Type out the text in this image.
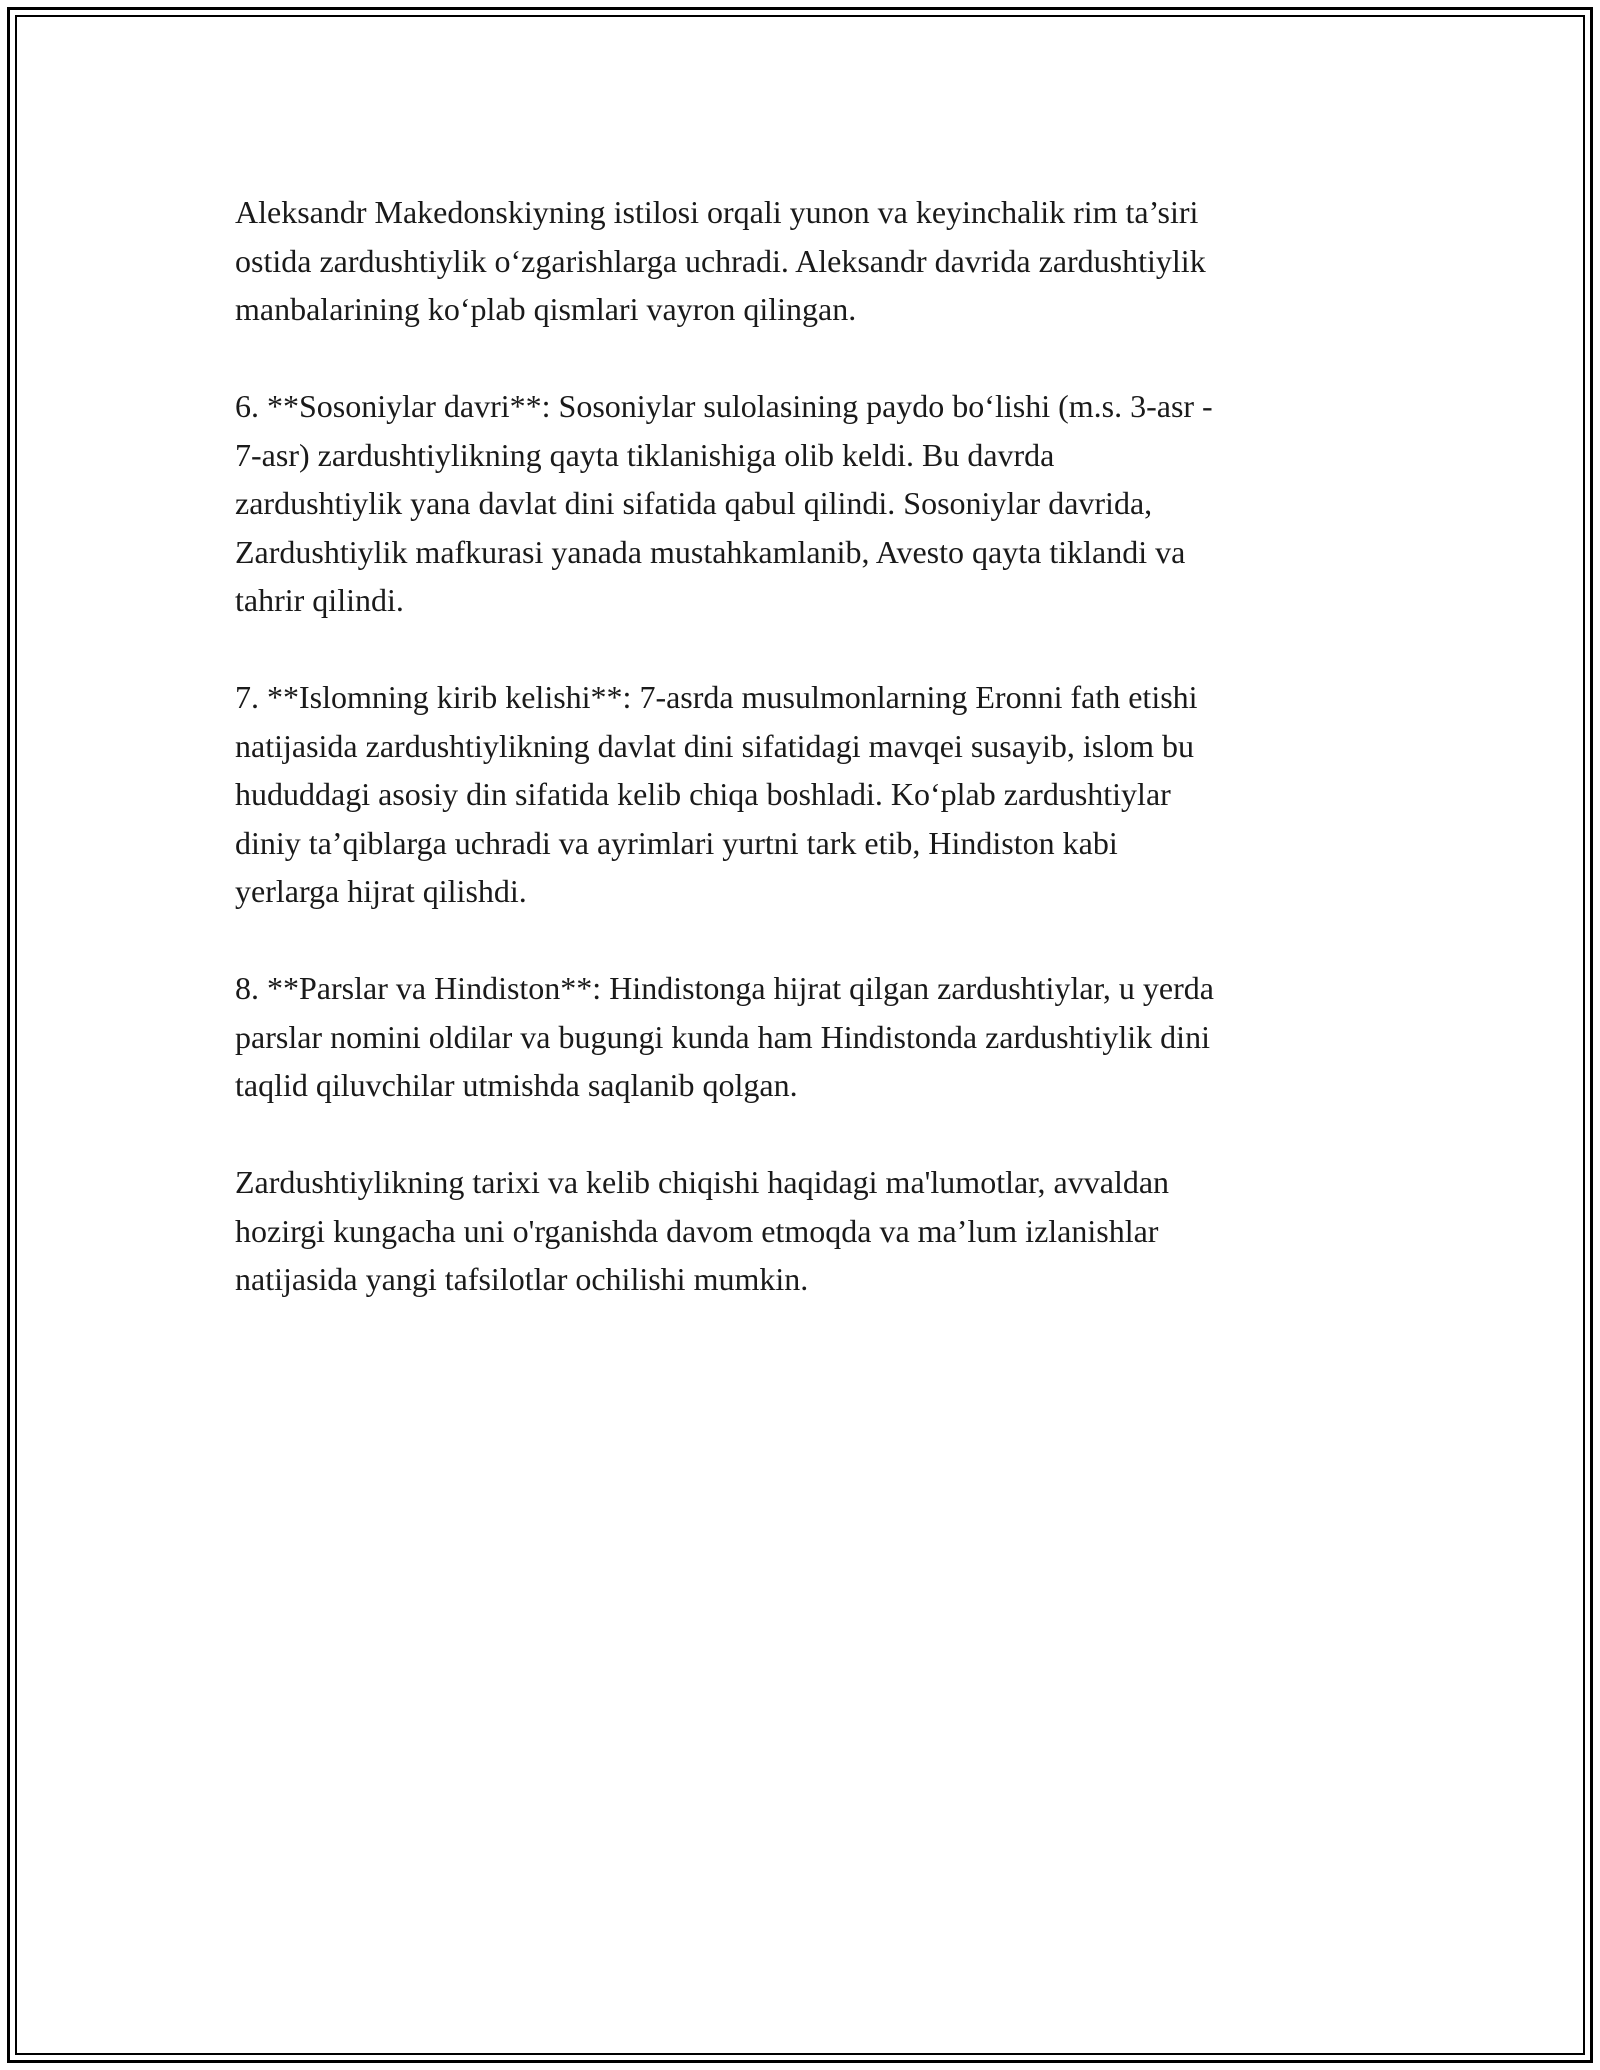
Aleksandr Makedonskiyning istilosi orqali yunon va keyinchalik rim ta’siri
ostida zardushtiylik o‘zgarishlarga uchradi. Aleksandr davrida zardushtiylik
manbalarining ko‘plab qismlari vayron qilingan.

6. **Sosoniylar davri**: Sosoniylar sulolasining paydo bo‘lishi (m.s. 3-asr -
7-asr) zardushtiylikning qayta tiklanishiga olib keldi. Bu davrda
zardushtiylik yana davlat dini sifatida qabul qilindi. Sosoniylar davrida,
Zardushtiylik mafkurasi yanada mustahkamlanib, Avesto qayta tiklandi va
tahrir qilindi.

7. **Islomning kirib kelishi**: 7-asrda musulmonlarning Eronni fath etishi
natijasida zardushtiylikning davlat dini sifatidagi mavqei susayib, islom bu
hududdagi asosiy din sifatida kelib chiqa boshladi. Ko‘plab zardushtiylar
diniy ta’qiblarga uchradi va ayrimlari yurtni tark etib, Hindiston kabi
yerlarga hijrat qilishdi.

8. **Parslar va Hindiston**: Hindistonga hijrat qilgan zardushtiylar, u yerda
parslar nomini oldilar va bugungi kunda ham Hindistonda zardushtiylik dini
taqlid qiluvchilar utmishda saqlanib qolgan.

Zardushtiylikning tarixi va kelib chiqishi haqidagi ma'lumotlar, avvaldan
hozirgi kungacha uni o'rganishda davom etmoqda va ma’lum izlanishlar
natijasida yangi tafsilotlar ochilishi mumkin.
